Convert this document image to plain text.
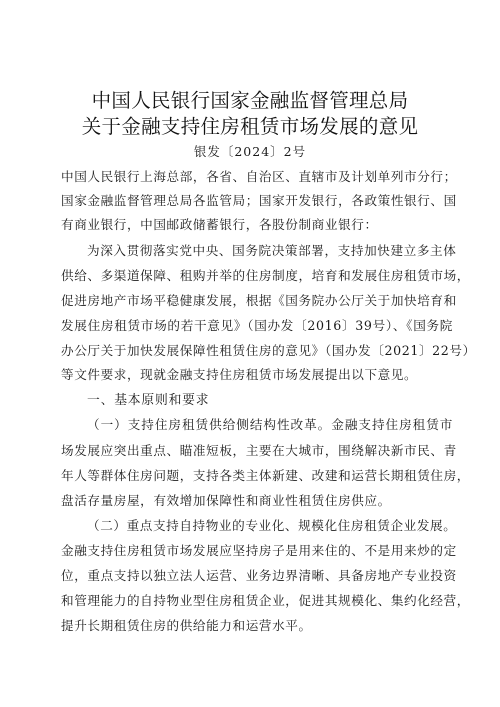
中国人民银行国家金融监督管理总局
关于金融支持住房租赁市场发展的意见
银发〔2024〕2号
中国人民银行上海总部，各省、自治区、直辖市及计划单列市分行；
国家金融监督管理总局各监管局；国家开发银行，各政策性银行、国
有商业银行，中国邮政储蓄银行，各股份制商业银行：
为深入贯彻落实党中央、国务院决策部署，支持加快建立多主体
供给、多渠道保障、租购并举的住房制度，培育和发展住房租赁市场，
促进房地产市场平稳健康发展，根据《国务院办公厅关于加快培育和
发展住房租赁市场的若干意见》（国办发〔2016〕39号）、《国务院
办公厅关于加快发展保障性租赁住房的意见》（国办发〔2021〕22号）
等文件要求，现就金融支持住房租赁市场发展提出以下意见。
一、基本原则和要求
（一）支持住房租赁供给侧结构性改革。金融支持住房租赁市
场发展应突出重点、瞄准短板，主要在大城市，围绕解决新市民、青
年人等群体住房问题，支持各类主体新建、改建和运营长期租赁住房，
盘活存量房屋，有效增加保障性和商业性租赁住房供应。
（二）重点支持自持物业的专业化、规模化住房租赁企业发展。
金融支持住房租赁市场发展应坚持房子是用来住的、不是用来炒的定
位，重点支持以独立法人运营、业务边界清晰、具备房地产专业投资
和管理能力的自持物业型住房租赁企业，促进其规模化、集约化经营，
提升长期租赁住房的供给能力和运营水平。
